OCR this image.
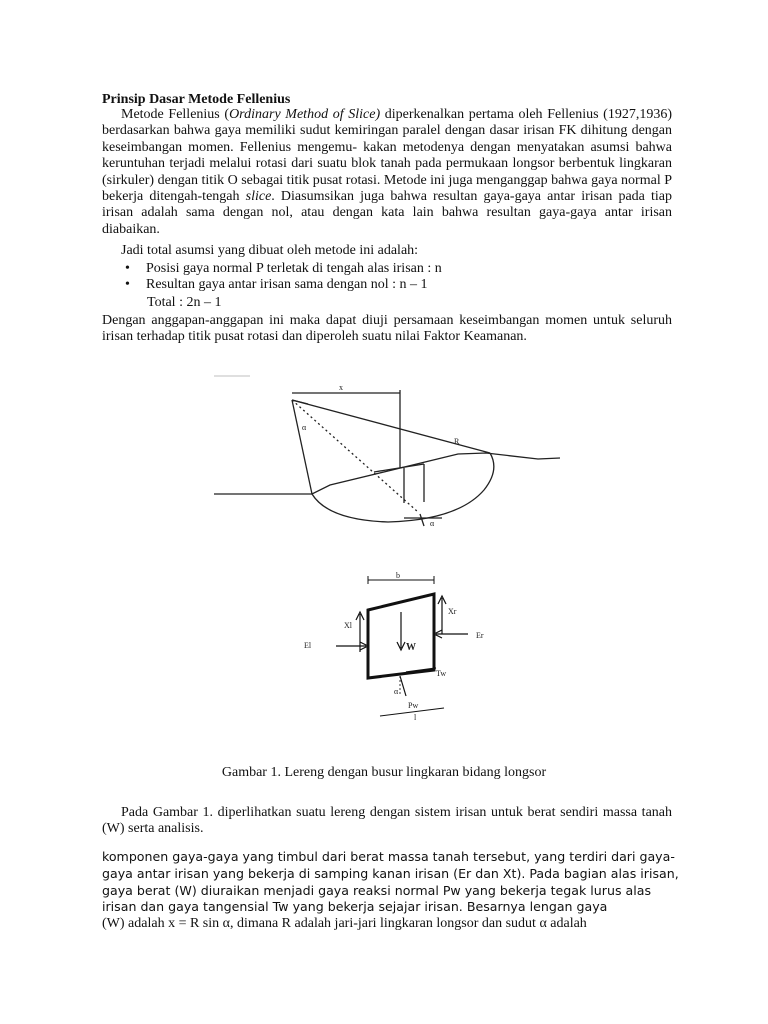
Prinsip Dasar Metode Fellenius
Metode Fellenius (Ordinary Method of Slice) diperkenalkan pertama oleh Fellenius (1927,1936) berdasarkan bahwa gaya memiliki sudut kemiringan paralel dengan dasar irisan FK dihitung dengan keseimbangan momen. Fellenius mengemu- kakan metodenya dengan menyatakan asumsi bahwa keruntuhan terjadi melalui rotasi dari suatu blok tanah pada permukaan longsor berbentuk lingkaran (sirkuler) dengan titik O sebagai titik pusat rotasi. Metode ini juga menganggap bahwa gaya normal P bekerja ditengah-tengah slice. Diasumsikan juga bahwa resultan gaya-gaya antar irisan pada tiap irisan adalah sama dengan nol, atau dengan kata lain bahwa resultan gaya-gaya antar irisan diabaikan.
Jadi total asumsi yang dibuat oleh metode ini adalah:
• Posisi gaya normal P terletak di tengah alas irisan : n
• Resultan gaya antar irisan sama dengan nol : n – 1
Total : 2n – 1
Dengan anggapan-anggapan ini maka dapat diuji persamaan keseimbangan momen untuk seluruh irisan terhadap titik pusat rotasi dan diperoleh suatu nilai Faktor Keamanan.
x
α
R
α
b
Xl
Xr
El
Er
W
Tw
Pw
l
α
Gambar 1. Lereng dengan busur lingkaran bidang longsor
Pada Gambar 1. diperlihatkan suatu lereng dengan sistem irisan untuk berat sendiri massa tanah (W) serta analisis.
komponen gaya-gaya yang timbul dari berat massa tanah tersebut, yang terdiri dari gaya-
gaya antar irisan yang bekerja di samping kanan irisan (Er dan Xt). Pada bagian alas irisan,
gaya berat (W) diuraikan menjadi gaya reaksi normal Pw yang bekerja tegak lurus alas
irisan dan gaya tangensial Tw yang bekerja sejajar irisan. Besarnya lengan gaya
(W) adalah x = R sin α, dimana R adalah jari-jari lingkaran longsor dan sudut α adalah
